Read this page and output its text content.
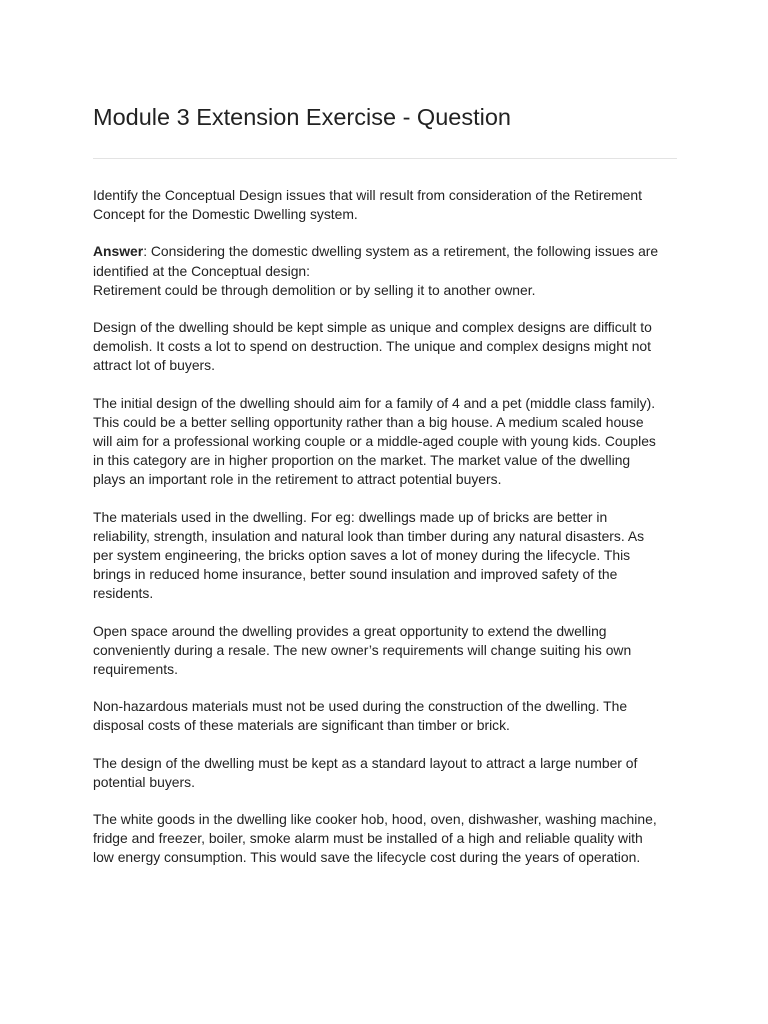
Module 3 Extension Exercise - Question

Identify the Conceptual Design issues that will result from consideration of the Retirement
Concept for the Domestic Dwelling system.

Answer: Considering the domestic dwelling system as a retirement, the following issues are
identified at the Conceptual design:
Retirement could be through demolition or by selling it to another owner.

Design of the dwelling should be kept simple as unique and complex designs are difficult to
demolish. It costs a lot to spend on destruction. The unique and complex designs might not
attract lot of buyers.

The initial design of the dwelling should aim for a family of 4 and a pet (middle class family).
This could be a better selling opportunity rather than a big house. A medium scaled house
will aim for a professional working couple or a middle-aged couple with young kids. Couples
in this category are in higher proportion on the market. The market value of the dwelling
plays an important role in the retirement to attract potential buyers.

The materials used in the dwelling. For eg: dwellings made up of bricks are better in
reliability, strength, insulation and natural look than timber during any natural disasters. As
per system engineering, the bricks option saves a lot of money during the lifecycle. This
brings in reduced home insurance, better sound insulation and improved safety of the
residents.

Open space around the dwelling provides a great opportunity to extend the dwelling
conveniently during a resale. The new owner’s requirements will change suiting his own
requirements.

Non-hazardous materials must not be used during the construction of the dwelling. The
disposal costs of these materials are significant than timber or brick.

The design of the dwelling must be kept as a standard layout to attract a large number of
potential buyers.

The white goods in the dwelling like cooker hob, hood, oven, dishwasher, washing machine,
fridge and freezer, boiler, smoke alarm must be installed of a high and reliable quality with
low energy consumption. This would save the lifecycle cost during the years of operation.
